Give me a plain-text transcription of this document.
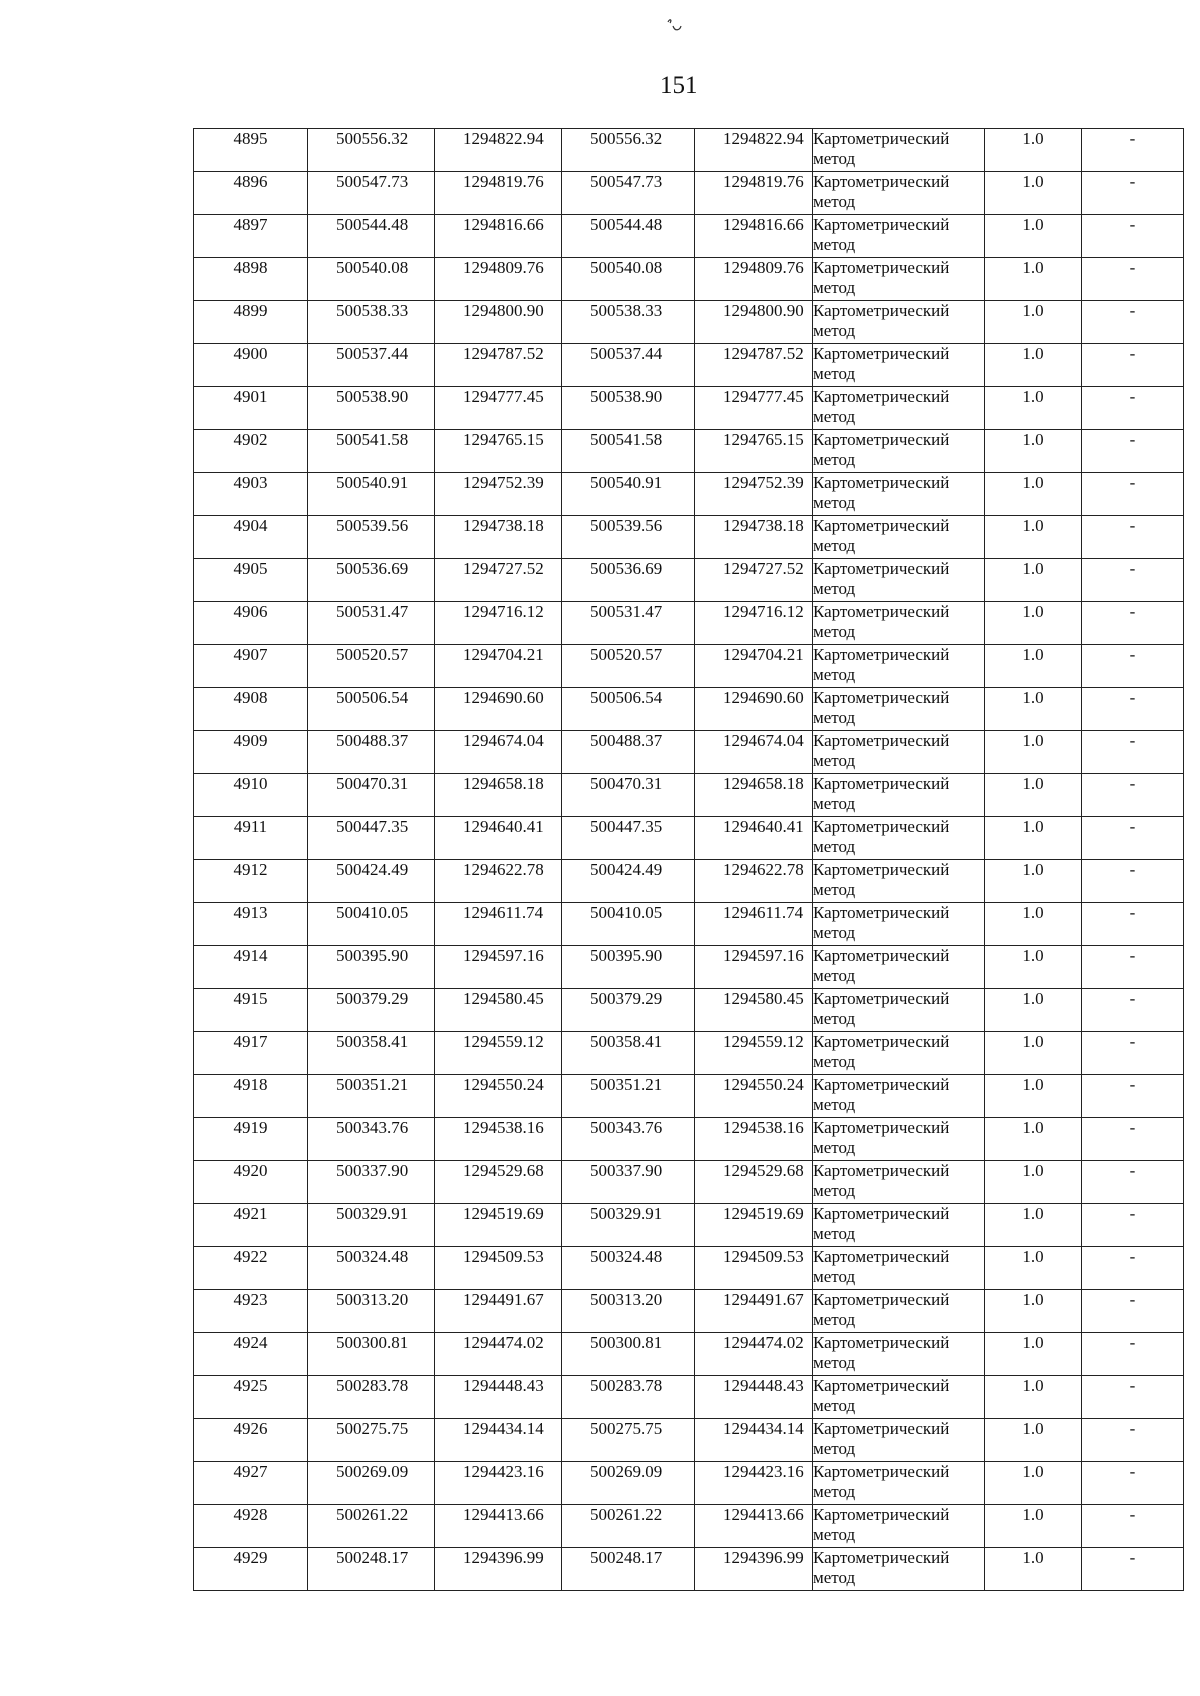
151
4895	500556.32	1294822.94	500556.32	1294822.94	Картометрический
метод	1.0	-
4896	500547.73	1294819.76	500547.73	1294819.76	Картометрический
метод	1.0	-
4897	500544.48	1294816.66	500544.48	1294816.66	Картометрический
метод	1.0	-
4898	500540.08	1294809.76	500540.08	1294809.76	Картометрический
метод	1.0	-
4899	500538.33	1294800.90	500538.33	1294800.90	Картометрический
метод	1.0	-
4900	500537.44	1294787.52	500537.44	1294787.52	Картометрический
метод	1.0	-
4901	500538.90	1294777.45	500538.90	1294777.45	Картометрический
метод	1.0	-
4902	500541.58	1294765.15	500541.58	1294765.15	Картометрический
метод	1.0	-
4903	500540.91	1294752.39	500540.91	1294752.39	Картометрический
метод	1.0	-
4904	500539.56	1294738.18	500539.56	1294738.18	Картометрический
метод	1.0	-
4905	500536.69	1294727.52	500536.69	1294727.52	Картометрический
метод	1.0	-
4906	500531.47	1294716.12	500531.47	1294716.12	Картометрический
метод	1.0	-
4907	500520.57	1294704.21	500520.57	1294704.21	Картометрический
метод	1.0	-
4908	500506.54	1294690.60	500506.54	1294690.60	Картометрический
метод	1.0	-
4909	500488.37	1294674.04	500488.37	1294674.04	Картометрический
метод	1.0	-
4910	500470.31	1294658.18	500470.31	1294658.18	Картометрический
метод	1.0	-
4911	500447.35	1294640.41	500447.35	1294640.41	Картометрический
метод	1.0	-
4912	500424.49	1294622.78	500424.49	1294622.78	Картометрический
метод	1.0	-
4913	500410.05	1294611.74	500410.05	1294611.74	Картометрический
метод	1.0	-
4914	500395.90	1294597.16	500395.90	1294597.16	Картометрический
метод	1.0	-
4915	500379.29	1294580.45	500379.29	1294580.45	Картометрический
метод	1.0	-
4917	500358.41	1294559.12	500358.41	1294559.12	Картометрический
метод	1.0	-
4918	500351.21	1294550.24	500351.21	1294550.24	Картометрический
метод	1.0	-
4919	500343.76	1294538.16	500343.76	1294538.16	Картометрический
метод	1.0	-
4920	500337.90	1294529.68	500337.90	1294529.68	Картометрический
метод	1.0	-
4921	500329.91	1294519.69	500329.91	1294519.69	Картометрический
метод	1.0	-
4922	500324.48	1294509.53	500324.48	1294509.53	Картометрический
метод	1.0	-
4923	500313.20	1294491.67	500313.20	1294491.67	Картометрический
метод	1.0	-
4924	500300.81	1294474.02	500300.81	1294474.02	Картометрический
метод	1.0	-
4925	500283.78	1294448.43	500283.78	1294448.43	Картометрический
метод	1.0	-
4926	500275.75	1294434.14	500275.75	1294434.14	Картометрический
метод	1.0	-
4927	500269.09	1294423.16	500269.09	1294423.16	Картометрический
метод	1.0	-
4928	500261.22	1294413.66	500261.22	1294413.66	Картометрический
метод	1.0	-
4929	500248.17	1294396.99	500248.17	1294396.99	Картометрический
метод	1.0	-
